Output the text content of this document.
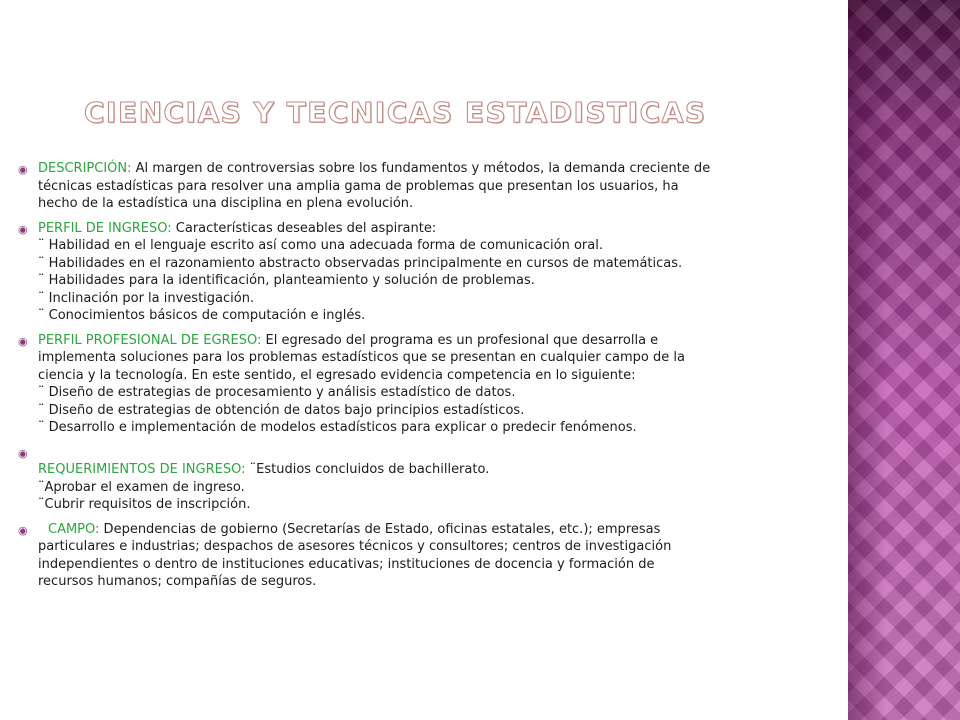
CIENCIAS Y TECNICAS ESTADISTICAS
◉ DESCRIPCIÓN: Al margen de controversias sobre los fundamentos y métodos, la demanda creciente de
técnicas estadísticas para resolver una amplia gama de problemas que presentan los usuarios, ha
hecho de la estadística una disciplina en plena evolución.
◉ PERFIL DE INGRESO: Características deseables del aspirante:
¨ Habilidad en el lenguaje escrito así como una adecuada forma de comunicación oral.
¨ Habilidades en el razonamiento abstracto observadas principalmente en cursos de matemáticas.
¨ Habilidades para la identificación, planteamiento y solución de problemas.
¨ Inclinación por la investigación.
¨ Conocimientos básicos de computación e inglés.
◉ PERFIL PROFESIONAL DE EGRESO: El egresado del programa es un profesional que desarrolla e
implementa soluciones para los problemas estadísticos que se presentan en cualquier campo de la
ciencia y la tecnología. En este sentido, el egresado evidencia competencia en lo siguiente:
¨ Diseño de estrategias de procesamiento y análisis estadístico de datos.
¨ Diseño de estrategias de obtención de datos bajo principios estadísticos.
¨ Desarrollo e implementación de modelos estadísticos para explicar o predecir fenómenos.
◉

REQUERIMIENTOS DE INGRESO: ¨Estudios concluidos de bachillerato.
¨Aprobar el examen de ingreso.
¨Cubrir requisitos de inscripción.
◉	CAMPO: Dependencias de gobierno (Secretarías de Estado, oficinas estatales, etc.); empresas
particulares e industrias; despachos de asesores técnicos y consultores; centros de investigación
independientes o dentro de instituciones educativas; instituciones de docencia y formación de
recursos humanos; compañías de seguros.
